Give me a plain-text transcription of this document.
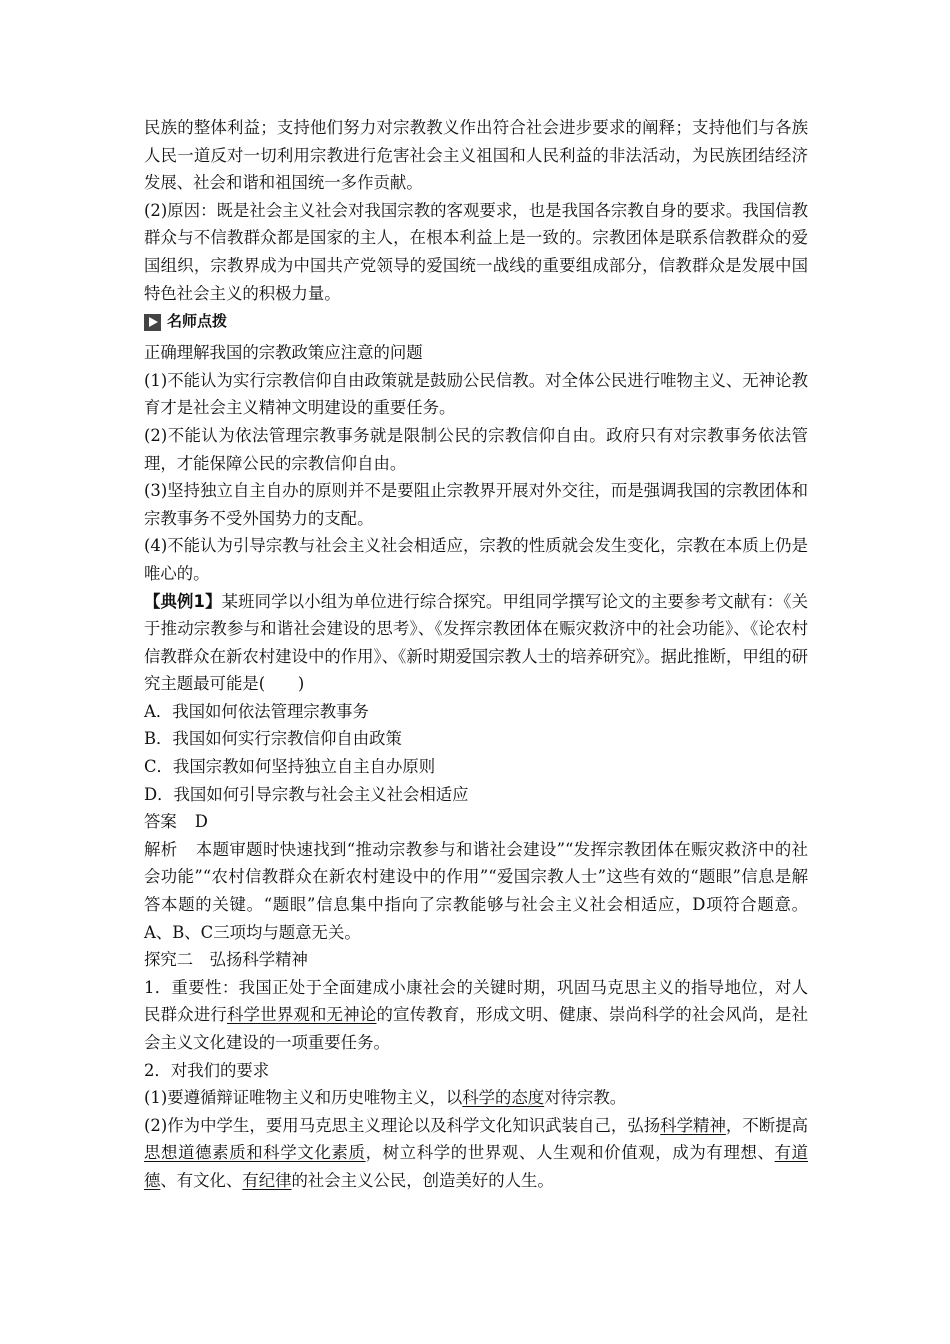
民族的整体利益；支持他们努力对宗教教义作出符合社会进步要求的阐释；支持他们与各族人民一道反对一切利用宗教进行危害社会主义祖国和人民利益的非法活动，为民族团结经济发展、社会和谐和祖国统一多作贡献。

(2)原因：既是社会主义社会对我国宗教的客观要求，也是我国各宗教自身的要求。我国信教群众与不信教群众都是国家的主人，在根本利益上是一致的。宗教团体是联系信教群众的爱国组织，宗教界成为中国共产党领导的爱国统一战线的重要组成部分，信教群众是发展中国特色社会主义的积极力量。

名师点拨

正确理解我国的宗教政策应注意的问题

(1)不能认为实行宗教信仰自由政策就是鼓励公民信教。对全体公民进行唯物主义、无神论教育才是社会主义精神文明建设的重要任务。

(2)不能认为依法管理宗教事务就是限制公民的宗教信仰自由。政府只有对宗教事务依法管理，才能保障公民的宗教信仰自由。

(3)坚持独立自主自办的原则并不是要阻止宗教界开展对外交往，而是强调我国的宗教团体和宗教事务不受外国势力的支配。

(4)不能认为引导宗教与社会主义社会相适应，宗教的性质就会发生变化，宗教在本质上仍是唯心的。

【典例1】某班同学以小组为单位进行综合探究。甲组同学撰写论文的主要参考文献有：《关于推动宗教参与和谐社会建设的思考》、《发挥宗教团体在赈灾救济中的社会功能》、《论农村信教群众在新农村建设中的作用》、《新时期爱国宗教人士的培养研究》。据此推断，甲组的研究主题最可能是(　　)

A．我国如何依法管理宗教事务

B．我国如何实行宗教信仰自由政策

C．我国宗教如何坚持独立自主自办原则

D．我国如何引导宗教与社会主义社会相适应

答案 D

解析 本题审题时快速找到“推动宗教参与和谐社会建设”“发挥宗教团体在赈灾救济中的社会功能”“农村信教群众在新农村建设中的作用”“爱国宗教人士”这些有效的“题眼”信息是解答本题的关键。“题眼”信息集中指向了宗教能够与社会主义社会相适应，D项符合题意。A、B、C三项均与题意无关。

探究二　弘扬科学精神

1．重要性：我国正处于全面建成小康社会的关键时期，巩固马克思主义的指导地位，对人民群众进行科学世界观和无神论的宣传教育，形成文明、健康、崇尚科学的社会风尚，是社会主义文化建设的一项重要任务。

2．对我们的要求

(1)要遵循辩证唯物主义和历史唯物主义，以科学的态度对待宗教。

(2)作为中学生，要用马克思主义理论以及科学文化知识武装自己，弘扬科学精神，不断提高思想道德素质和科学文化素质，树立科学的世界观、人生观和价值观，成为有理想、有道德、有文化、有纪律的社会主义公民，创造美好的人生。
